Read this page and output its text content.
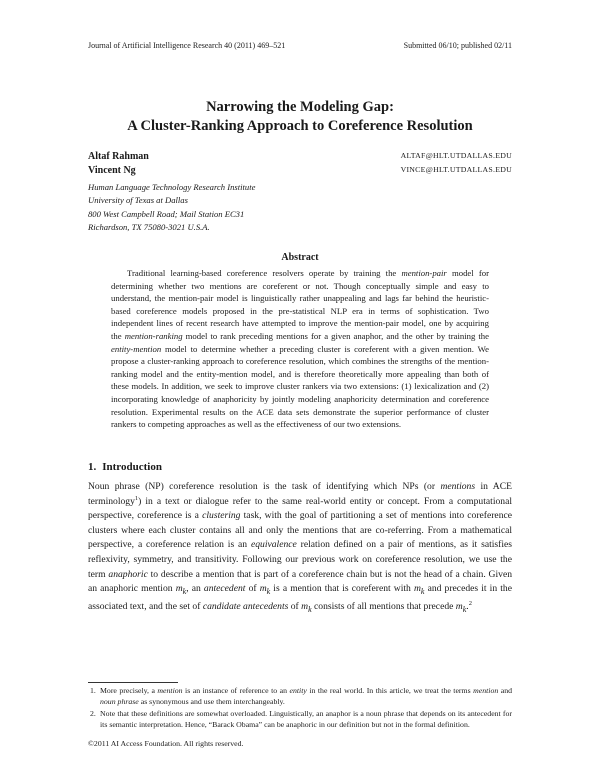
Journal of Artificial Intelligence Research 40 (2011) 469–521	Submitted 06/10; published 02/11
Narrowing the Modeling Gap:
A Cluster-Ranking Approach to Coreference Resolution
Altaf Rahman	ALTAF@HLT.UTDALLAS.EDU
Vincent Ng	VINCE@HLT.UTDALLAS.EDU
Human Language Technology Research Institute
University of Texas at Dallas
800 West Campbell Road; Mail Station EC31
Richardson, TX 75080-3021 U.S.A.
Abstract

Traditional learning-based coreference resolvers operate by training the mention-pair model for determining whether two mentions are coreferent or not. Though conceptually simple and easy to understand, the mention-pair model is linguistically rather unappealing and lags far behind the heuristic-based coreference models proposed in the pre-statistical NLP era in terms of sophistication. Two independent lines of recent research have attempted to improve the mention-pair model, one by acquiring the mention-ranking model to rank preceding mentions for a given anaphor, and the other by training the entity-mention model to determine whether a preceding cluster is coreferent with a given mention. We propose a cluster-ranking approach to coreference resolution, which combines the strengths of the mention-ranking model and the entity-mention model, and is therefore theoretically more appealing than both of these models. In addition, we seek to improve cluster rankers via two extensions: (1) lexicalization and (2) incorporating knowledge of anaphoricity by jointly modeling anaphoricity determination and coreference resolution. Experimental results on the ACE data sets demonstrate the superior performance of cluster rankers to competing approaches as well as the effectiveness of our two extensions.

1. Introduction

Noun phrase (NP) coreference resolution is the task of identifying which NPs (or mentions in ACE terminology$^1$) in a text or dialogue refer to the same real-world entity or concept. From a computational perspective, coreference is a clustering task, with the goal of partitioning a set of mentions into coreference clusters where each cluster contains all and only the mentions that are co-referring. From a mathematical perspective, a coreference relation is an equivalence relation defined on a pair of mentions, as it satisfies reflexivity, symmetry, and transitivity. Following our previous work on coreference resolution, we use the term anaphoric to describe a mention that is part of a coreference chain but is not the head of a chain. Given an anaphoric mention $m_k$, an antecedent of $m_k$ is a mention that is coreferent with $m_k$ and precedes it in the associated text, and the set of candidate antecedents of $m_k$ consists of all mentions that precede $m_k.^2$

1. More precisely, a mention is an instance of reference to an entity in the real world. In this article, we treat the terms mention and noun phrase as synonymous and use them interchangeably.
2. Note that these definitions are somewhat overloaded. Linguistically, an anaphor is a noun phrase that depends on its antecedent for its semantic interpretation. Hence, “Barack Obama” can be anaphoric in our definition but not in the formal definition.
©2011 AI Access Foundation. All rights reserved.
